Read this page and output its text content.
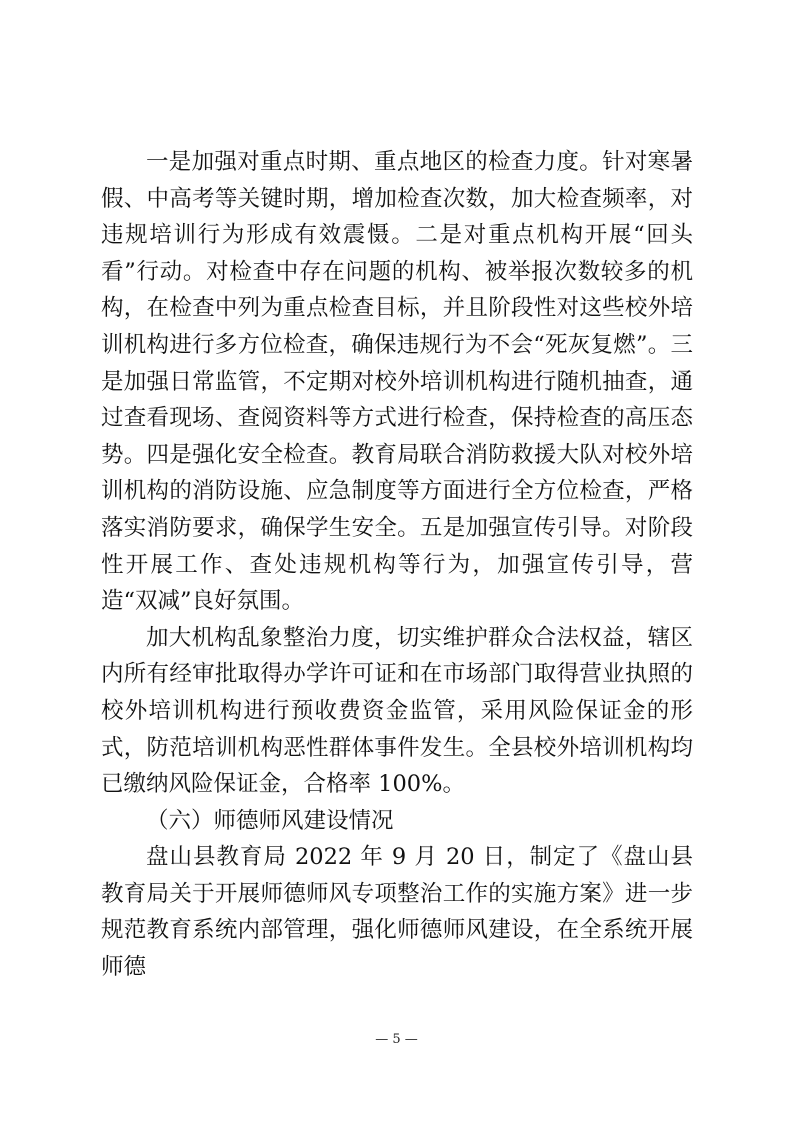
一是加强对重点时期、重点地区的检查力度。针对寒暑假、中高考等关键时期，增加检查次数，加大检查频率，对违规培训行为形成有效震慑。二是对重点机构开展“回头看”行动。对检查中存在问题的机构、被举报次数较多的机构，在检查中列为重点检查目标，并且阶段性对这些校外培训机构进行多方位检查，确保违规行为不会“死灰复燃”。三是加强日常监管，不定期对校外培训机构进行随机抽查，通过查看现场、查阅资料等方式进行检查，保持检查的高压态势。四是强化安全检查。教育局联合消防救援大队对校外培训机构的消防设施、应急制度等方面进行全方位检查，严格落实消防要求，确保学生安全。五是加强宣传引导。对阶段性开展工作、查处违规机构等行为，加强宣传引导，营造“双减”良好氛围。

加大机构乱象整治力度，切实维护群众合法权益，辖区内所有经审批取得办学许可证和在市场部门取得营业执照的校外培训机构进行预收费资金监管，采用风险保证金的形式，防范培训机构恶性群体事件发生。全县校外培训机构均已缴纳风险保证金，合格率 100%。

（六）师德师风建设情况

盘山县教育局 2022 年 9 月 20 日，制定了《盘山县教育局关于开展师德师风专项整治工作的实施方案》进一步规范教育系统内部管理，强化师德师风建设，在全系统开展师德

— 5 —
